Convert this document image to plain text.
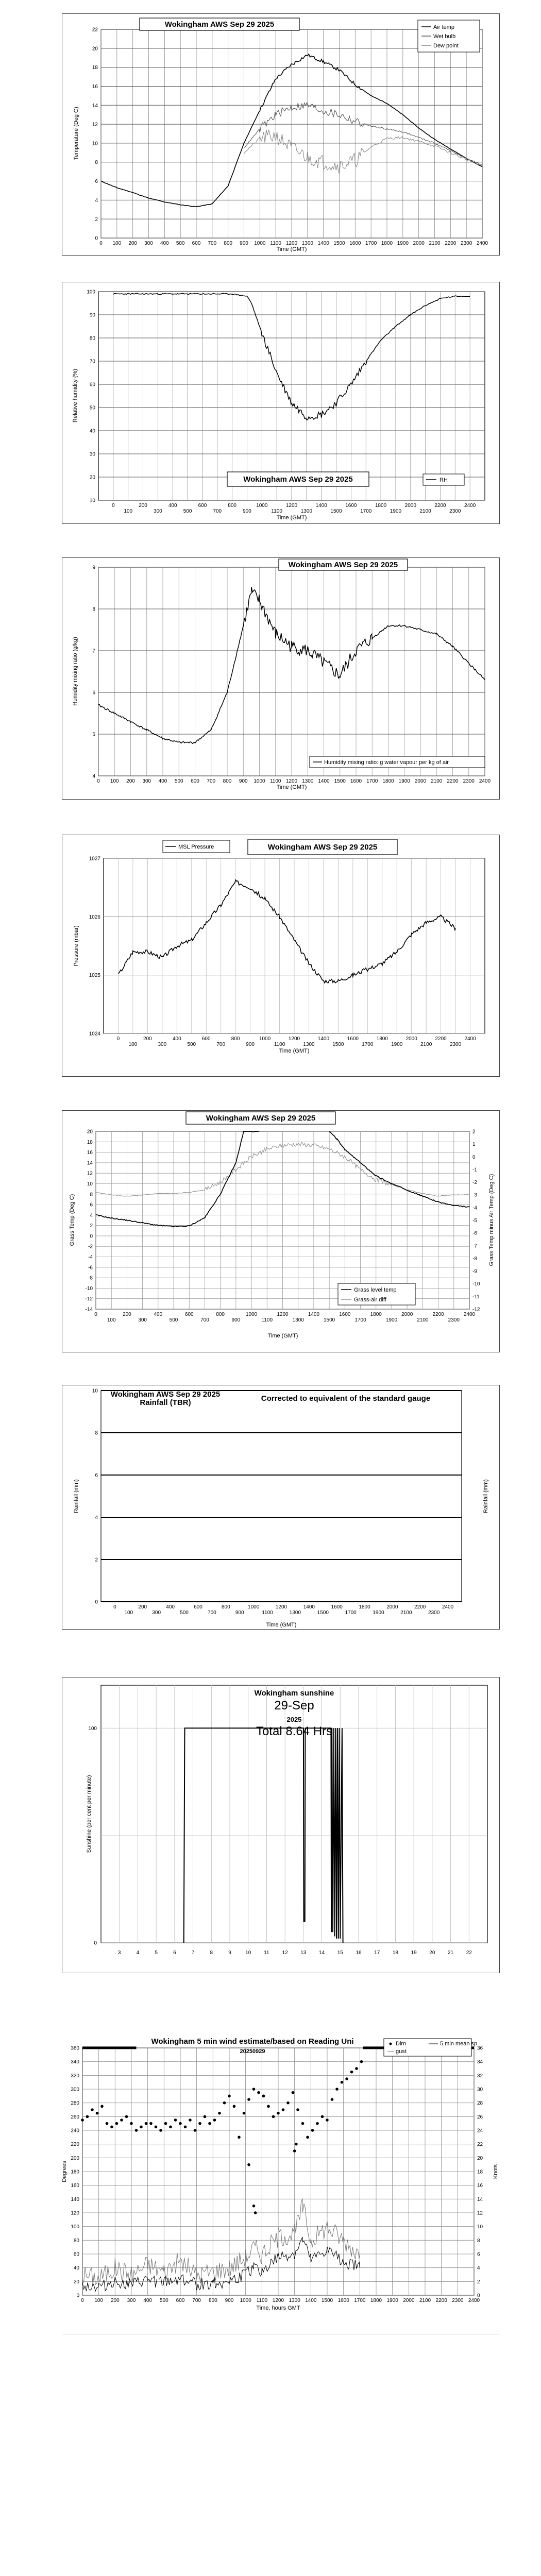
0 100 200 300 400 500 600 700 800 900 1000 1100 1200 1300 1400 1500 1600 1700 1800 1900 2000 2100 2200 2300 2400
0
2
4
6
8
10
12
14
16
18
20
22
Wokingham AWS Sep 29 2025	Air temp
Wet bulb
Dew point
Time (GMT)
Temperature (Deg C)
0
100
200
300
400
500
600
700
800
900
1000
1100
1200
1300
1400
1500
1600
1700
1800
1900
2000
2100
2200
2300
2400
10
20
30
40
50
60
70
80
90
100
Wokingham AWS Sep 29 2025	RH
Time (GMT)
Relative humidity (%)
0 100 200 300 400 500 600 700 800 900 1000 1100 1200 1300 1400 1500 1600 1700 1800 1900 2000 2100 2200 2300 2400
4
5
6
7
8
9	Wokingham AWS Sep 29 2025
Humidity mixing ratio: g water vapour per kg of air
Time (GMT)
Humidity mixing ratio (g/kg)
0
100
200
300
400
500
600
700
800
900
1000
1100
1200
1300
1400
1500
1600
1700
1800
1900
2000
2100
2200
2300
2400
1024
1025
1026
1027
Wokingham AWS Sep 29 2025
MSL Pressure
Time (GMT)
Pressure (mbar)
0
100
200
300
400
500
600
700
800
900
1000
1100
1200
1300
1400
1500
1600
1700
1800
1900
2000
2100
2200
2300
2400
-14
-12
-10
-8
-6
-4
-2
0
2
4
6
8
10
12
14
16
18
20
-12
-11
-10
-9
-8
-7
-6
-5
-4
-3
-2
-1
0
1
2
Wokingham AWS Sep 29 2025
Grass level temp
Grass-air diff
Time (GMT)
Grass Temp (Deg C)	Grass Temp minus Air Temp (Deg C)
0
100
200
300
400
500
600
700
800
900
1000
1100
1200
1300
1400
1500
1600
1700
1800
1900
2000
2100
2200
2300
2400
0
2
4
6
8
10 Wokingham AWS Sep 29 2025
Rainfall (TBR)	Corrected to equivalent of the standard gauge
Time (GMT)
Rainfall (mm)	Rainfall (mm)
3	4	5	6	7	8	9	10 11 12 13 14 15 16 17 18 19 20 21 22
0
100
Wokingham sunshine
29-Sep
2025
Total 8.64 Hrs
Sunshine (per cent per minute)
0 100 200 300 400 500 600 700 800 900 1000 1100 1200 1300 1400 1500 1600 1700 1800 1900 2000 2100 2200 2300 2400
0
20
40
60
80
100
120
140
160
180
200
220
240
260
280
300
320
340
360
0
2
4
6
8
10
12
14
16
18
20
22
24
26
28
30
32
34
36
Wokingham 5 min wind estimate/based on Reading Uni
20250929
Dirn	5 min mean sp
gust
Time, hours GMT
Degrees	Knots
